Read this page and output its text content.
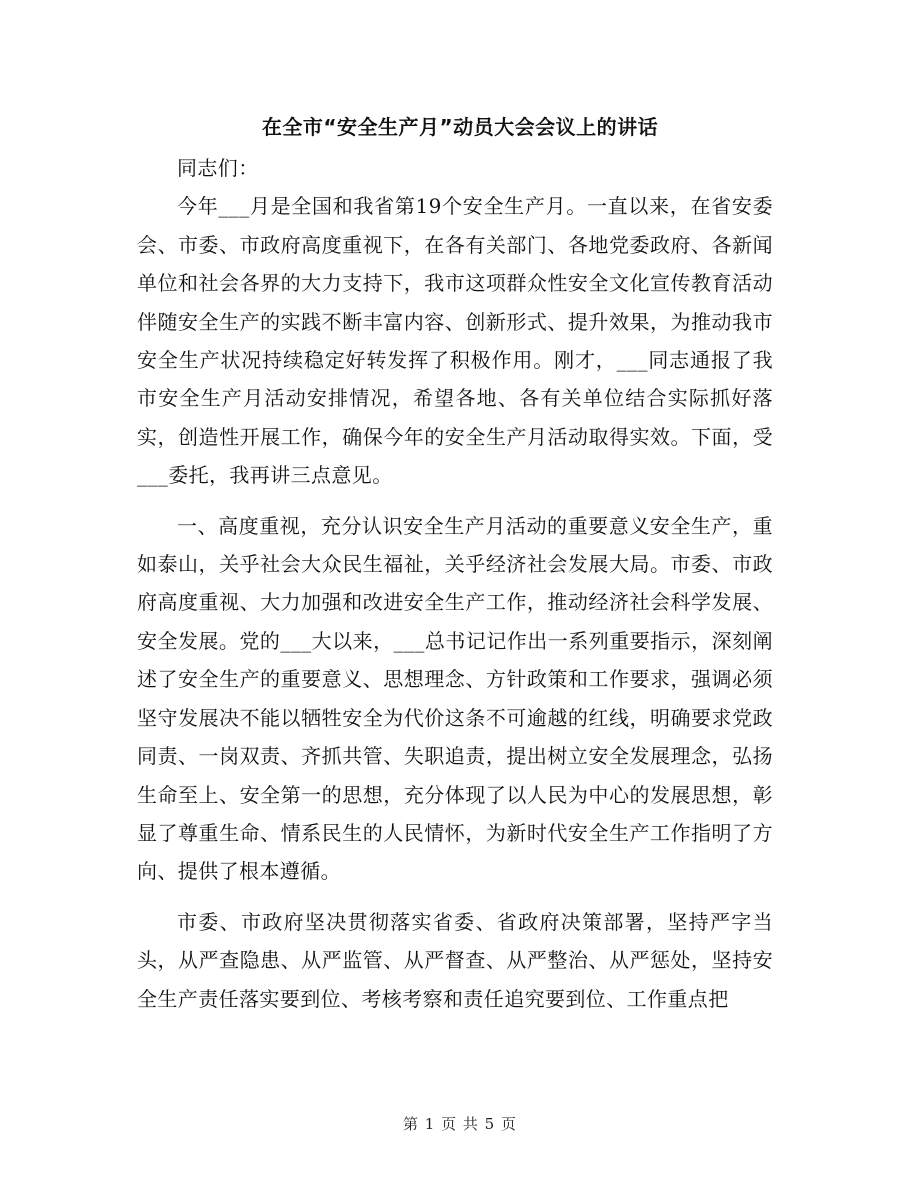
在全市“安全生产月”动员大会会议上的讲话

同志们：

今年___月是全国和我省第19个安全生产月。一直以来，在省安委会、市委、市政府高度重视下，在各有关部门、各地党委政府、各新闻单位和社会各界的大力支持下，我市这项群众性安全文化宣传教育活动伴随安全生产的实践不断丰富内容、创新形式、提升效果，为推动我市安全生产状况持续稳定好转发挥了积极作用。刚才，___同志通报了我市安全生产月活动安排情况，希望各地、各有关单位结合实际抓好落实，创造性开展工作，确保今年的安全生产月活动取得实效。下面，受___委托，我再讲三点意见。

一、高度重视，充分认识安全生产月活动的重要意义安全生产，重如泰山，关乎社会大众民生福祉，关乎经济社会发展大局。市委、市政府高度重视、大力加强和改进安全生产工作，推动经济社会科学发展、安全发展。党的___大以来，___总书记记作出一系列重要指示，深刻阐述了安全生产的重要意义、思想理念、方针政策和工作要求，强调必须坚守发展决不能以牺牲安全为代价这条不可逾越的红线，明确要求党政同责、一岗双责、齐抓共管、失职追责，提出树立安全发展理念，弘扬生命至上、安全第一的思想，充分体现了以人民为中心的发展思想，彰显了尊重生命、情系民生的人民情怀，为新时代安全生产工作指明了方向、提供了根本遵循。

市委、市政府坚决贯彻落实省委、省政府决策部署，坚持严字当头，从严查隐患、从严监管、从严督查、从严整治、从严惩处，坚持安全生产责任落实要到位、考核考察和责任追究要到位、工作重点把

第 1 页 共 5 页
